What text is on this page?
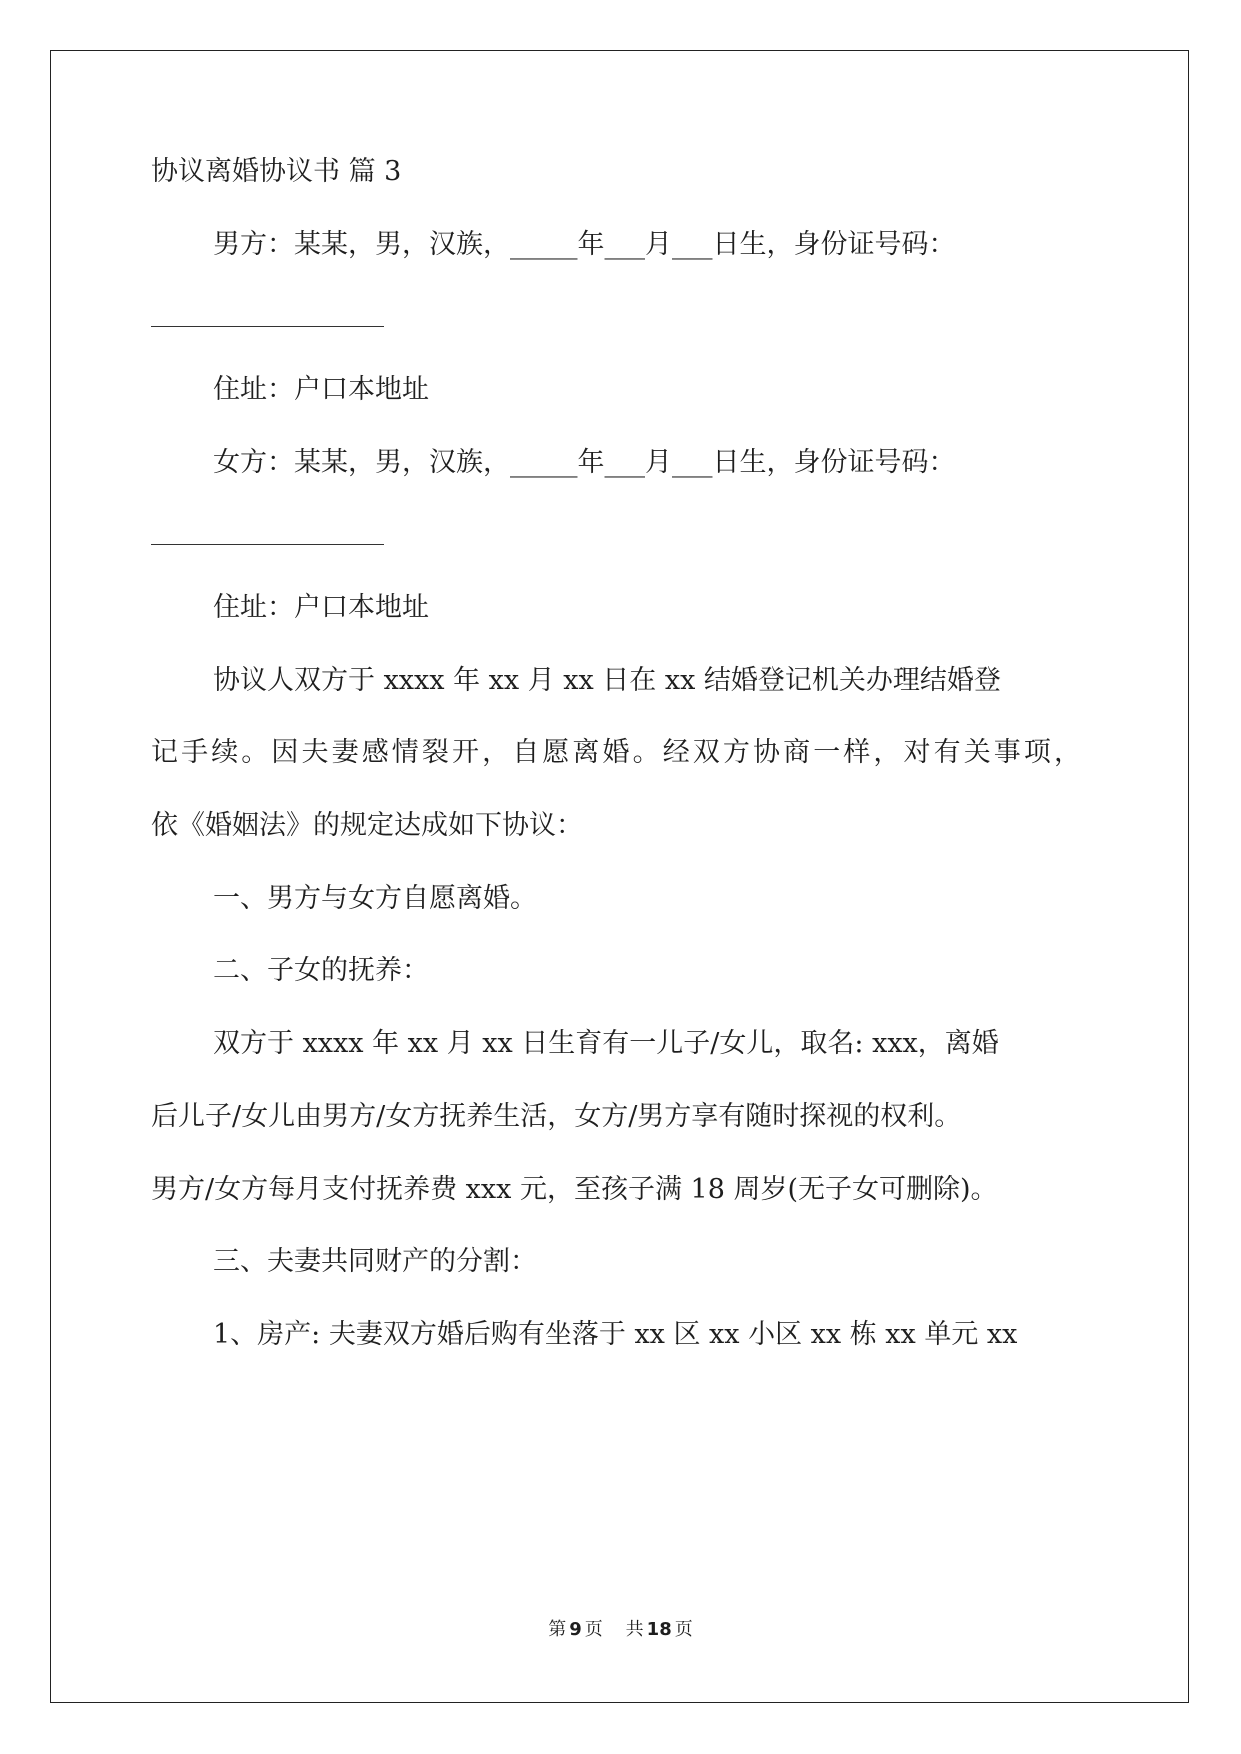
协议离婚协议书 篇 3

男方：某某，男，汉族，_____年___月___日生，身份证号码：

住址：户口本地址

女方：某某，男，汉族，_____年___月___日生，身份证号码：

住址：户口本地址

协议人双方于 xxxx 年 xx 月 xx 日在 xx 结婚登记机关办理结婚登

记手续。因夫妻感情裂开，自愿离婚。经双方协商一样，对有关事项，

依《婚姻法》的规定达成如下协议：

一、男方与女方自愿离婚。

二、子女的抚养：

双方于 xxxx 年 xx 月 xx 日生育有一儿子/女儿，取名: xxx，离婚

后儿子/女儿由男方/女方抚养生活，女方/男方享有随时探视的权利。

男方/女方每月支付抚养费 xxx 元，至孩子满 18 周岁(无子女可删除)。

三、夫妻共同财产的分割：

1、房产: 夫妻双方婚后购有坐落于 xx 区 xx 小区 xx 栋 xx 单元 xx

第 9 页 共 18 页
